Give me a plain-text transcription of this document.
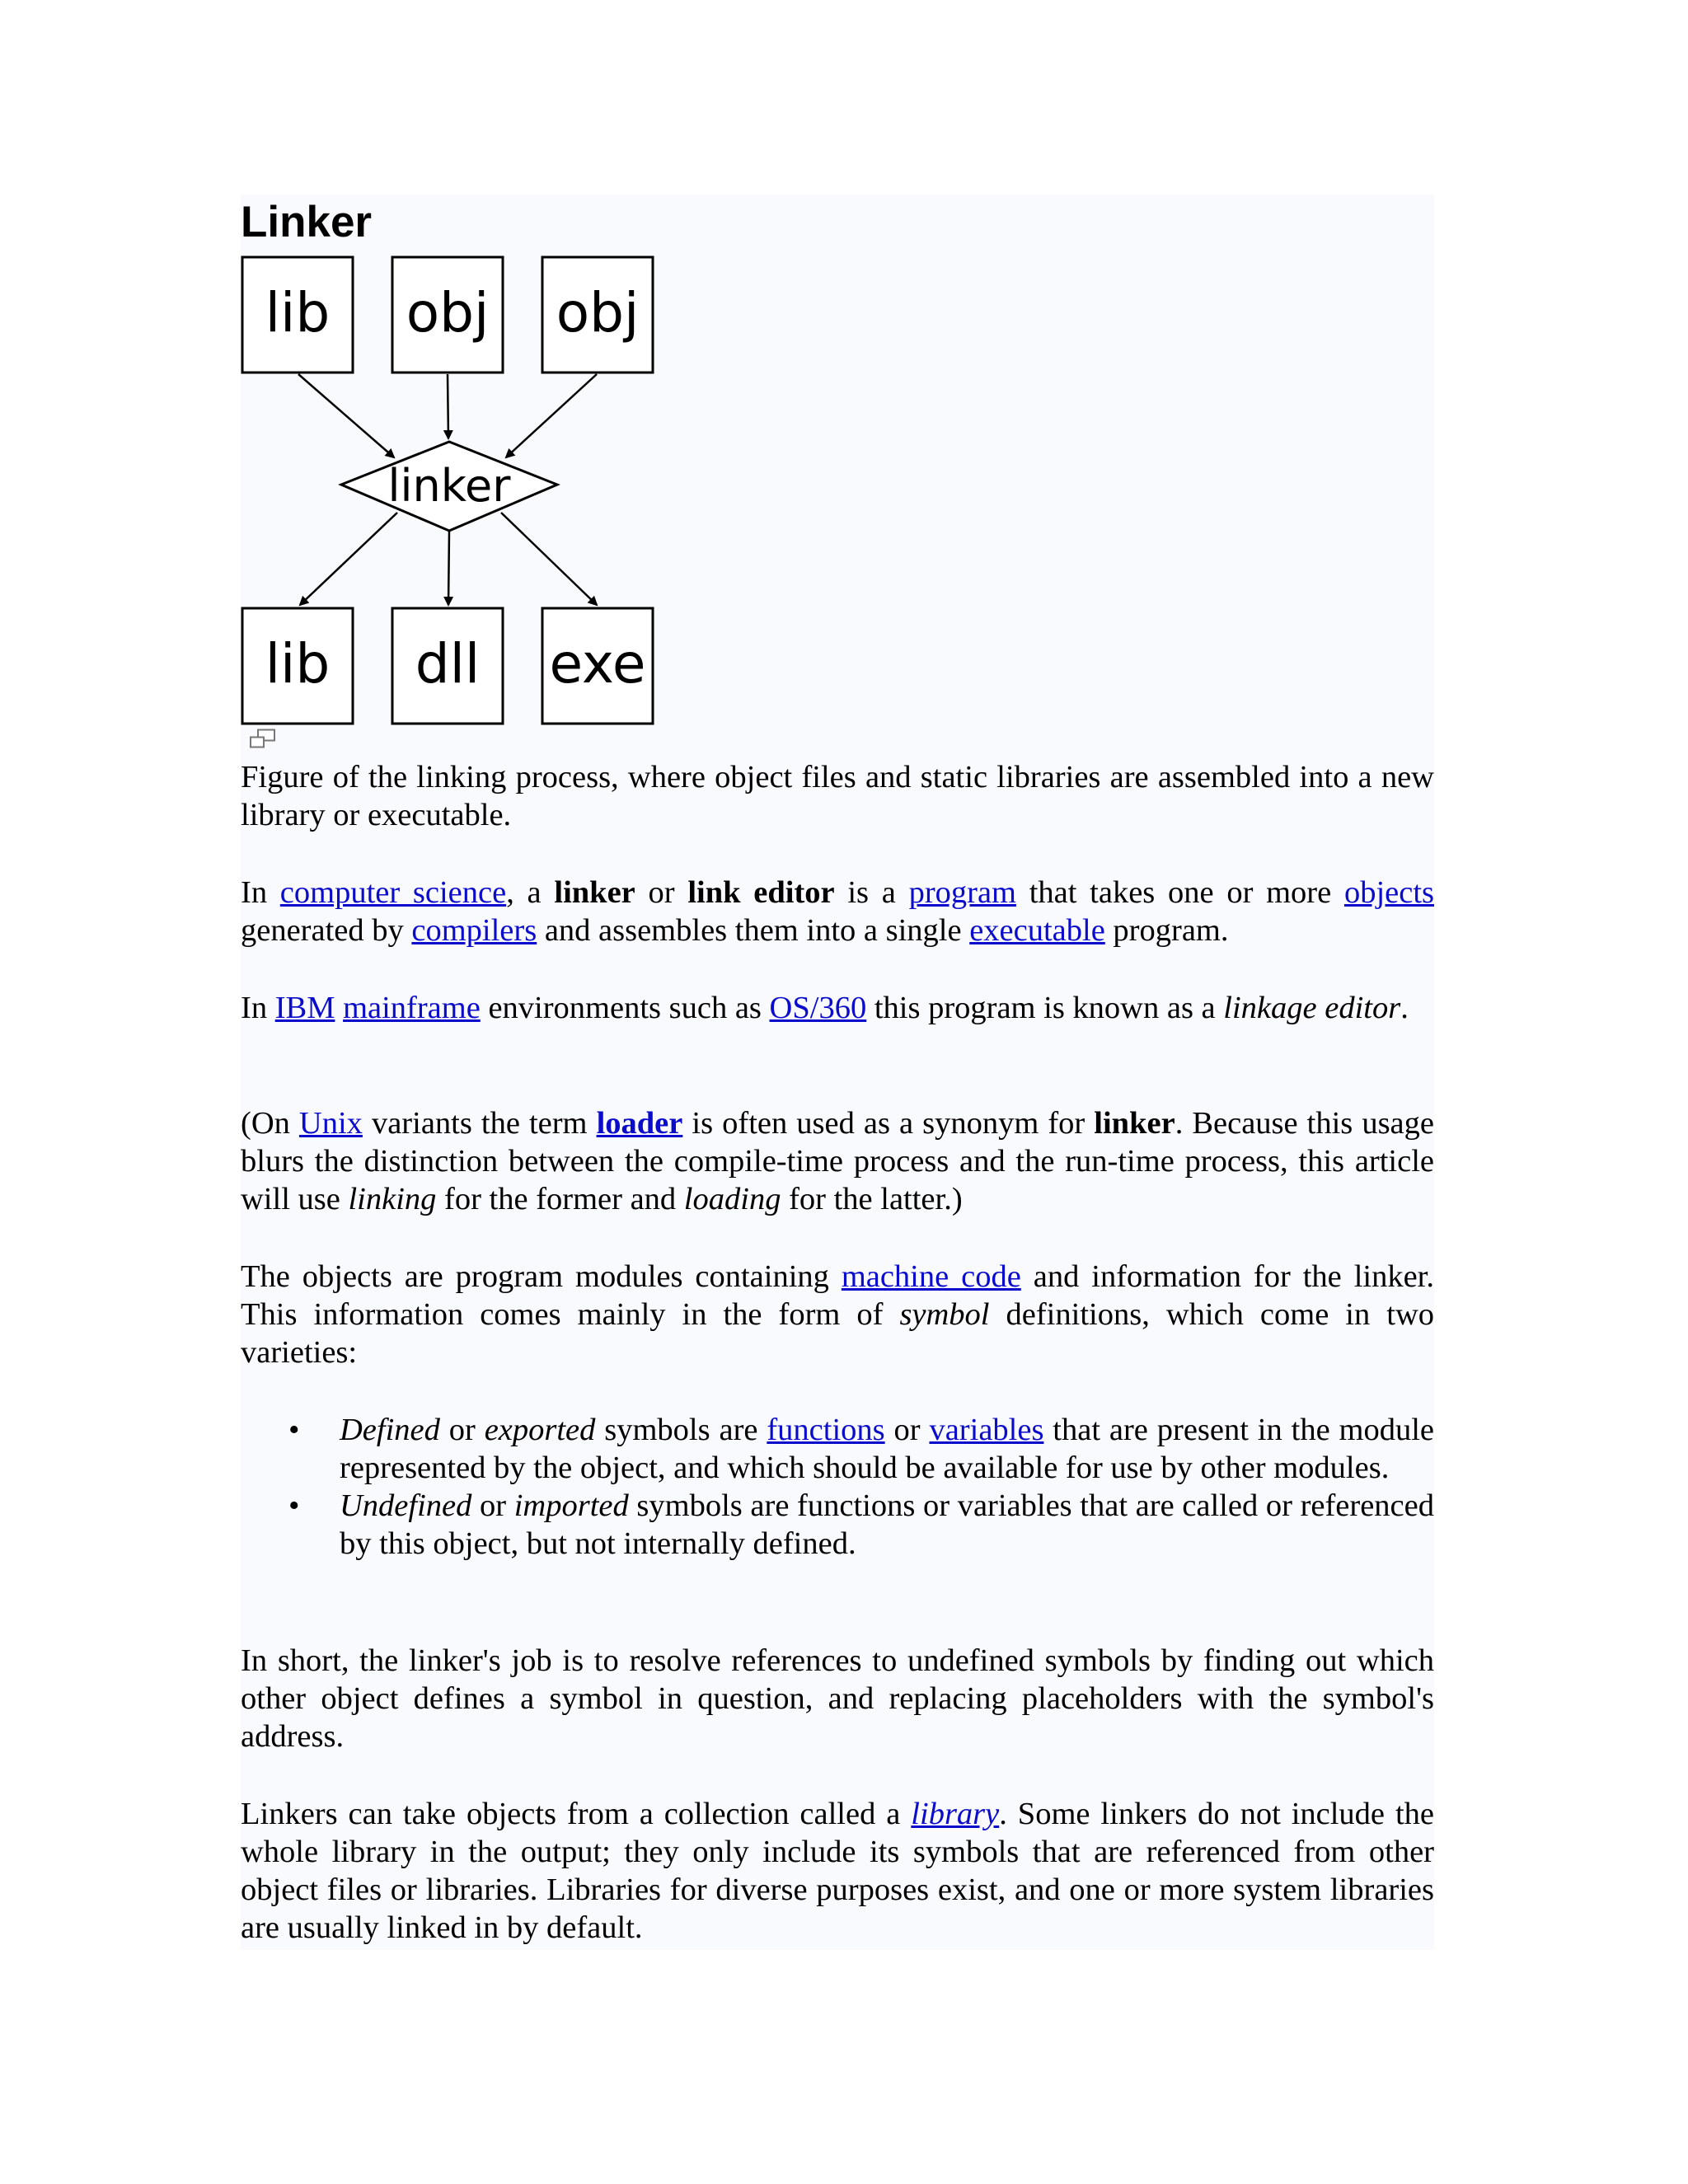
Linker
lib obj obj
linker
lib dll exe

Figure of the linking process, where object files and static libraries are assembled into a new library or executable.

In computer science, a linker or link editor is a program that takes one or more objects generated by compilers and assembles them into a single executable program.

In IBM mainframe environments such as OS/360 this program is known as a linkage editor.

(On Unix variants the term loader is often used as a synonym for linker. Because this usage blurs the distinction between the compile-time process and the run-time process, this article will use linking for the former and loading for the latter.)

The objects are program modules containing machine code and information for the linker. This information comes mainly in the form of symbol definitions, which come in two varieties:

• Defined or exported symbols are functions or variables that are present in the module represented by the object, and which should be available for use by other modules.
• Undefined or imported symbols are functions or variables that are called or referenced by this object, but not internally defined.

In short, the linker's job is to resolve references to undefined symbols by finding out which other object defines a symbol in question, and replacing placeholders with the symbol's address.

Linkers can take objects from a collection called a library. Some linkers do not include the whole library in the output; they only include its symbols that are referenced from other object files or libraries. Libraries for diverse purposes exist, and one or more system libraries are usually linked in by default.
